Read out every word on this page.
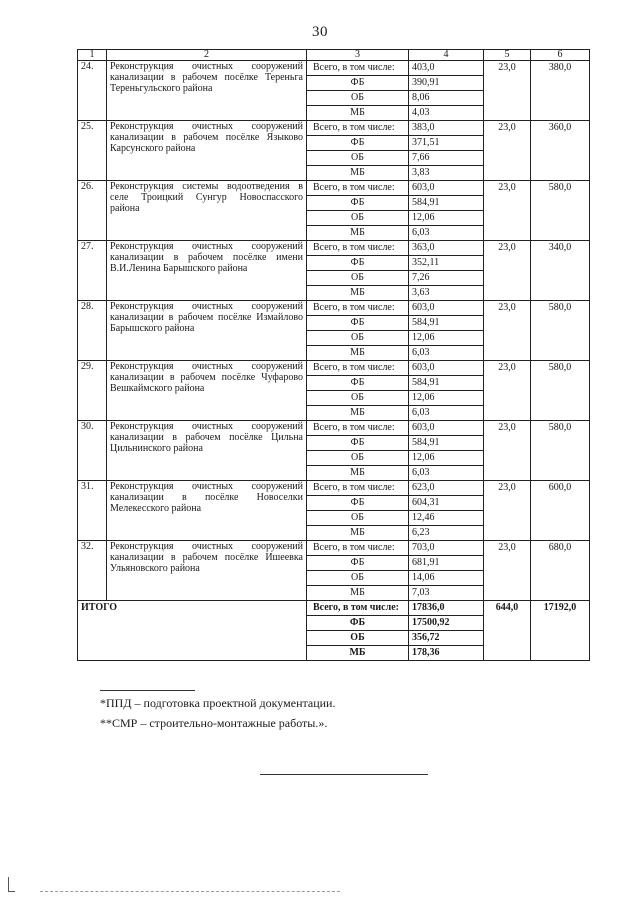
30
1	2	3	4	5	6
24.	Реконструкция очистных сооружений канализации в рабочем посёлке Тереньга Тереньгульского района	Всего, в том числе:	403,0	23,0	380,0
		ФБ	390,91		
		ОБ	8,06		
		МБ	4,03		
25.	Реконструкция очистных сооружений канализации в рабочем посёлке Языково Карсунского района	Всего, в том числе:	383,0	23,0	360,0
		ФБ	371,51		
		ОБ	7,66		
		МБ	3,83		
26.	Реконструкция системы водоотведения в селе Троицкий Сунгур Новоспасского района	Всего, в том числе:	603,0	23,0	580,0
		ФБ	584,91		
		ОБ	12,06		
		МБ	6,03		
27.	Реконструкция очистных сооружений канализации в рабочем посёлке имени В.И.Ленина Барышского района	Всего, в том числе:	363,0	23,0	340,0
		ФБ	352,11		
		ОБ	7,26		
		МБ	3,63		
28.	Реконструкция очистных сооружений канализации в рабочем посёлке Измайлово Барышского района	Всего, в том числе:	603,0	23,0	580,0
		ФБ	584,91		
		ОБ	12,06		
		МБ	6,03		
29.	Реконструкция очистных сооружений канализации в рабочем посёлке Чуфарово Вешкаймского района	Всего, в том числе:	603,0	23,0	580,0
		ФБ	584,91		
		ОБ	12,06		
		МБ	6,03		
30.	Реконструкция очистных сооружений канализации в рабочем посёлке Цильна Цильнинского района	Всего, в том числе:	603,0	23,0	580,0
		ФБ	584,91		
		ОБ	12,06		
		МБ	6,03		
31.	Реконструкция очистных сооружений канализации в посёлке Новоселки Мелекесского района	Всего, в том числе:	623,0	23,0	600,0
		ФБ	604,31		
		ОБ	12,46		
		МБ	6,23		
32.	Реконструкция очистных сооружений канализации в рабочем посёлке Ишеевка Ульяновского района	Всего, в том числе:	703,0	23,0	680,0
		ФБ	681,91		
		ОБ	14,06		
		МБ	7,03		
ИТОГО		Всего, в том числе:	17836,0	644,0	17192,0
		ФБ	17500,92		
		ОБ	356,72		
		МБ	178,36		
*ППД – подготовка проектной документации.
**СМР – строительно-монтажные работы.».
